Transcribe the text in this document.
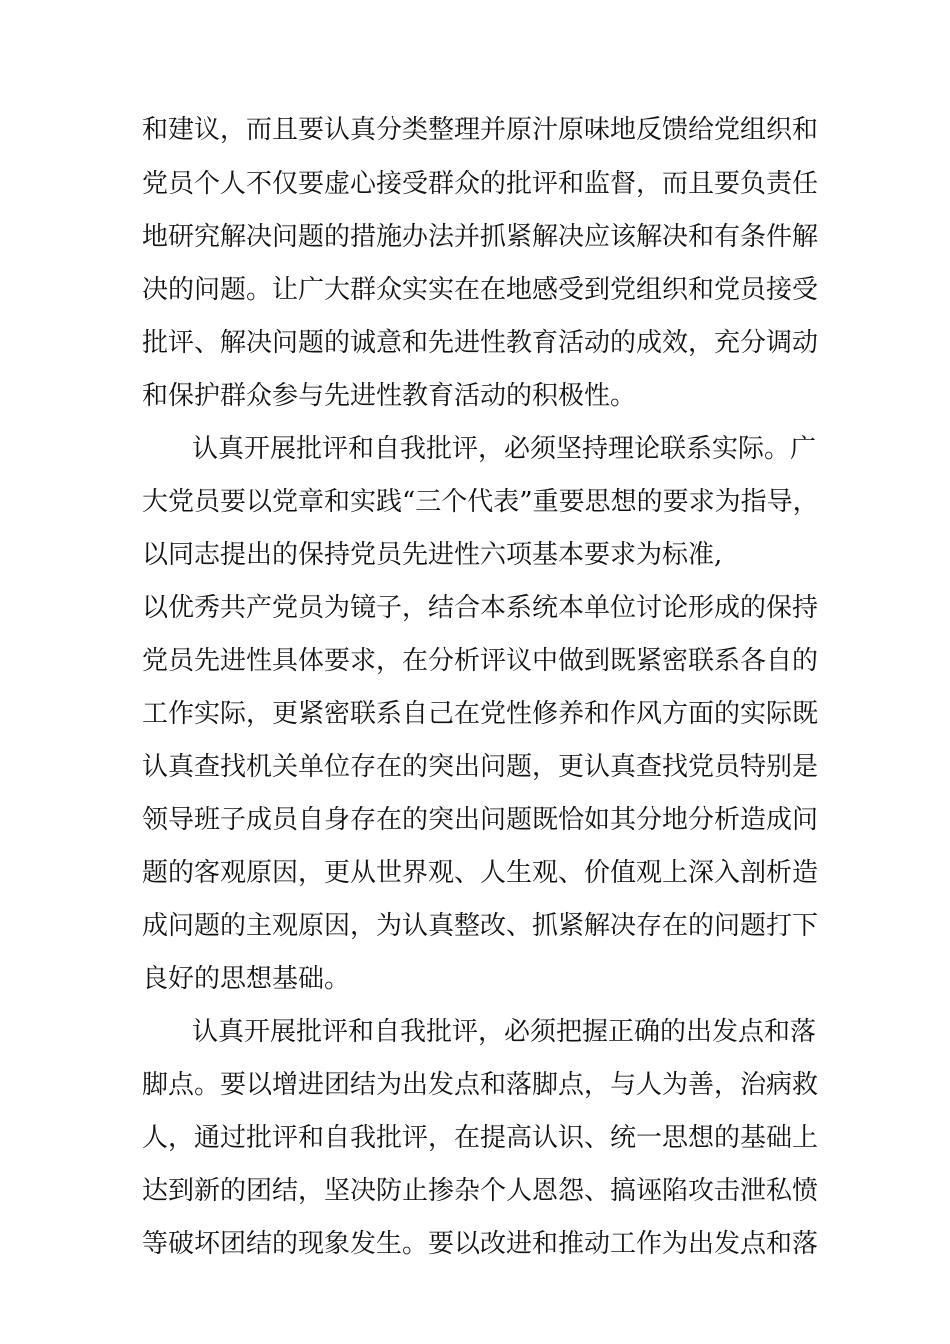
和建议，而且要认真分类整理并原汁原味地反馈给党组织和
党员个人不仅要虚心接受群众的批评和监督，而且要负责任
地研究解决问题的措施办法并抓紧解决应该解决和有条件解
决的问题。让广大群众实实在在地感受到党组织和党员接受
批评、解决问题的诚意和先进性教育活动的成效，充分调动
和保护群众参与先进性教育活动的积极性。
认真开展批评和自我批评，必须坚持理论联系实际。广
大党员要以党章和实践“三个代表”重要思想的要求为指导，
以同志提出的保持党员先进性六项基本要求为标准,
以优秀共产党员为镜子，结合本系统本单位讨论形成的保持
党员先进性具体要求，在分析评议中做到既紧密联系各自的
工作实际，更紧密联系自己在党性修养和作风方面的实际既
认真查找机关单位存在的突出问题，更认真查找党员特别是
领导班子成员自身存在的突出问题既恰如其分地分析造成问
题的客观原因，更从世界观、人生观、价值观上深入剖析造
成问题的主观原因，为认真整改、抓紧解决存在的问题打下
良好的思想基础。
认真开展批评和自我批评，必须把握正确的出发点和落
脚点。要以增进团结为出发点和落脚点，与人为善，治病救
人，通过批评和自我批评，在提高认识、统一思想的基础上
达到新的团结，坚决防止掺杂个人恩怨、搞诬陷攻击泄私愤
等破坏团结的现象发生。要以改进和推动工作为出发点和落
